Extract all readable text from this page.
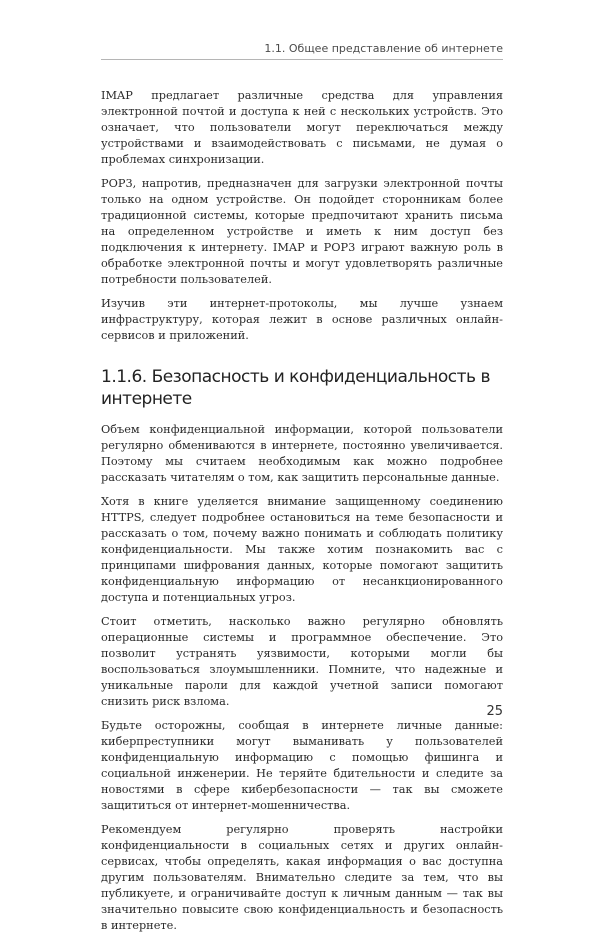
1.1. Общее представление об интернете

IMAP предлагает различные средства для управления электронной почтой и доступа к ней с нескольких устройств. Это означает, что пользователи могут переключаться между устройствами и взаимодействовать с письмами, не думая о проблемах синхронизации.

POP3, напротив, предназначен для загрузки электронной почты только на одном устройстве. Он подойдет сторонникам более традиционной системы, которые предпочитают хранить письма на определенном устройстве и иметь к ним доступ без подключения к интернету. IMAP и POP3 играют важную роль в обработке электронной почты и могут удовлетворять различные потребности пользователей.

Изучив эти интернет-протоколы, мы лучше узнаем инфраструктуру, которая лежит в основе различных онлайн-сервисов и приложений.

1.1.6. Безопасность и конфиденциальность в интернете

Объем конфиденциальной информации, которой пользователи регулярно обмениваются в интернете, постоянно увеличивается. Поэтому мы считаем необходимым как можно подробнее рассказать читателям о том, как защитить персональные данные.

Хотя в книге уделяется внимание защищенному соединению HTTPS, следует подробнее остановиться на теме безопасности и рассказать о том, почему важно понимать и соблюдать политику конфиденциальности. Мы также хотим познакомить вас с принципами шифрования данных, которые помогают защитить конфиденциальную информацию от несанкционированного доступа и потенциальных угроз.

Стоит отметить, насколько важно регулярно обновлять операционные системы и программное обеспечение. Это позволит устранять уязвимости, которыми могли бы воспользоваться злоумышленники. Помните, что надежные и уникальные пароли для каждой учетной записи помогают снизить риск взлома.

Будьте осторожны, сообщая в интернете личные данные: киберпреступники могут выманивать у пользователей конфиденциальную информацию с помощью фишинга и социальной инженерии. Не теряйте бдительности и следите за новостями в сфере кибербезопасности — так вы сможете защититься от интернет-мошенничества.

Рекомендуем регулярно проверять настройки конфиденциальности в социальных сетях и других онлайн-сервисах, чтобы определять, какая информация о вас доступна другим пользователям. Внимательно следите за тем, что вы публикуете, и ограничивайте доступ к личным данным — так вы значительно повысите свою конфиденциальность и безопасность в интернете.

25
